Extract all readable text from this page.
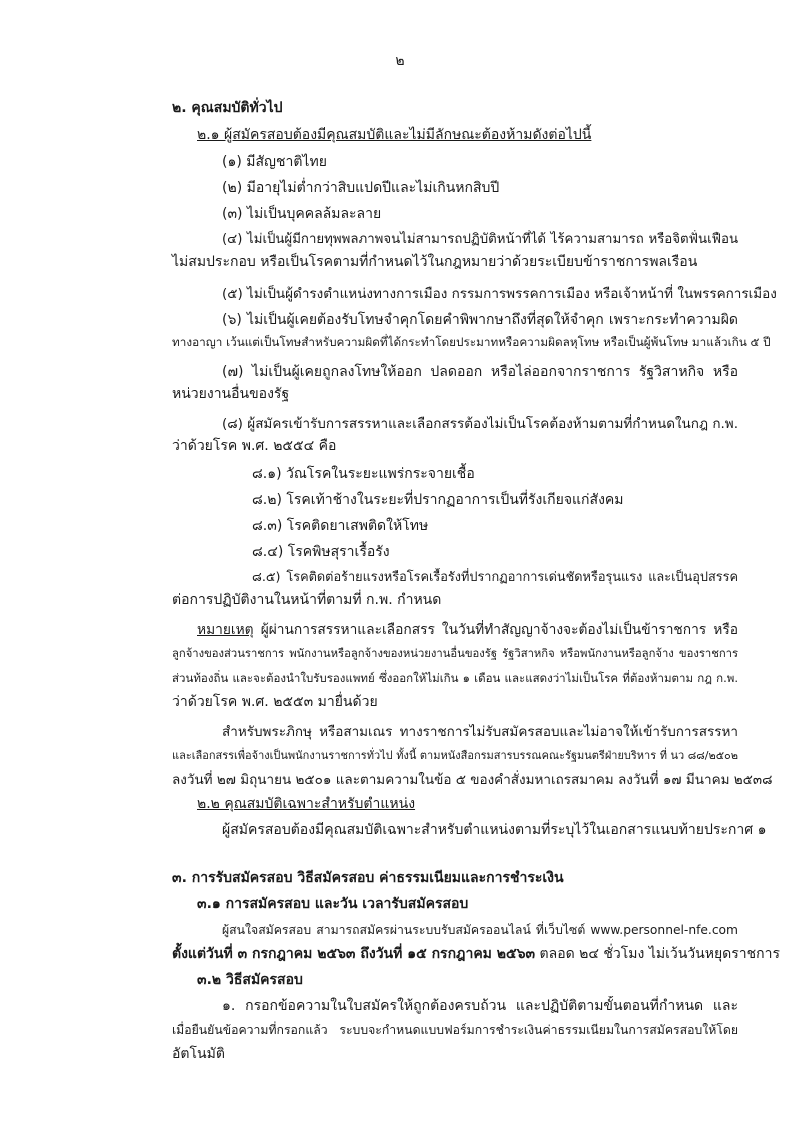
๒
๒. คุณสมบัติทั่วไป
๒.๑ ผู้สมัครสอบต้องมีคุณสมบัติและไม่มีลักษณะต้องห้ามดังต่อไปนี้
(๑) มีสัญชาติไทย
(๒) มีอายุไม่ต่ำกว่าสิบแปดปีและไม่เกินหกสิบปี
(๓) ไม่เป็นบุคคลล้มละลาย
(๔) ไม่เป็นผู้มีกายทุพพลภาพจนไม่สามารถปฏิบัติหน้าที่ได้ ไร้ความสามารถ หรือจิตฟั่นเฟือน
ไม่สมประกอบ หรือเป็นโรคตามที่กำหนดไว้ในกฎหมายว่าด้วยระเบียบข้าราชการพลเรือน
(๕) ไม่เป็นผู้ดำรงตำแหน่งทางการเมือง กรรมการพรรคการเมือง หรือเจ้าหน้าที่ ในพรรคการเมือง
(๖) ไม่เป็นผู้เคยต้องรับโทษจำคุกโดยคำพิพากษาถึงที่สุดให้จำคุก เพราะกระทำความผิด
ทางอาญา เว้นแต่เป็นโทษสำหรับความผิดที่ได้กระทำโดยประมาทหรือความผิดลหุโทษ หรือเป็นผู้พ้นโทษ มาแล้วเกิน ๕ ปี
(๗) ไม่เป็นผู้เคยถูกลงโทษให้ออก ปลดออก หรือไล่ออกจากราชการ รัฐวิสาหกิจ หรือ
หน่วยงานอื่นของรัฐ
(๘) ผู้สมัครเข้ารับการสรรหาและเลือกสรรต้องไม่เป็นโรคต้องห้ามตามที่กำหนดในกฎ ก.พ.
ว่าด้วยโรค พ.ศ. ๒๕๕๔ คือ
๘.๑) วัณโรคในระยะแพร่กระจายเชื้อ
๘.๒) โรคเท้าช้างในระยะที่ปรากฏอาการเป็นที่รังเกียจแก่สังคม
๘.๓) โรคติดยาเสพติดให้โทษ
๘.๔) โรคพิษสุราเรื้อรัง
๘.๕) โรคติดต่อร้ายแรงหรือโรคเรื้อรังที่ปรากฏอาการเด่นชัดหรือรุนแรง และเป็นอุปสรรค
ต่อการปฏิบัติงานในหน้าที่ตามที่ ก.พ. กำหนด
หมายเหตุ ผู้ผ่านการสรรหาและเลือกสรร ในวันที่ทำสัญญาจ้างจะต้องไม่เป็นข้าราชการ หรือ
ลูกจ้างของส่วนราชการ พนักงานหรือลูกจ้างของหน่วยงานอื่นของรัฐ รัฐวิสาหกิจ หรือพนักงานหรือลูกจ้าง ของราชการ
ส่วนท้องถิ่น และจะต้องนำใบรับรองแพทย์ ซึ่งออกให้ไม่เกิน ๑ เดือน และแสดงว่าไม่เป็นโรค ที่ต้องห้ามตาม กฎ ก.พ.
ว่าด้วยโรค พ.ศ. ๒๕๕๓ มายื่นด้วย
สำหรับพระภิกษุ หรือสามเณร ทางราชการไม่รับสมัครสอบและไม่อาจให้เข้ารับการสรรหา
และเลือกสรรเพื่อจ้างเป็นพนักงานราชการทั่วไป ทั้งนี้ ตามหนังสือกรมสารบรรณคณะรัฐมนตรีฝ่ายบริหาร ที่ นว ๘๘/๒๕๐๒
ลงวันที่ ๒๗ มิถุนายน ๒๕๐๑ และตามความในข้อ ๕ ของคำสั่งมหาเถรสมาคม ลงวันที่ ๑๗ มีนาคม ๒๕๓๘
๒.๒ คุณสมบัติเฉพาะสำหรับตำแหน่ง
ผู้สมัครสอบต้องมีคุณสมบัติเฉพาะสำหรับตำแหน่งตามที่ระบุไว้ในเอกสารแนบท้ายประกาศ ๑
๓. การรับสมัครสอบ วิธีสมัครสอบ ค่าธรรมเนียมและการชำระเงิน
๓.๑ การสมัครสอบ และวัน เวลารับสมัครสอบ
ผู้สนใจสมัครสอบ สามารถสมัครผ่านระบบรับสมัครออนไลน์ ที่เว็บไซต์ www.personnel-nfe.com
ตั้งแต่วันที่ ๓ กรกฎาคม ๒๕๖๓ ถึงวันที่ ๑๕ กรกฎาคม ๒๕๖๓ ตลอด ๒๔ ชั่วโมง ไม่เว้นวันหยุดราชการ
๓.๒ วิธีสมัครสอบ
๑. กรอกข้อความในใบสมัครให้ถูกต้องครบถ้วน และปฏิบัติตามขั้นตอนที่กำหนด และ
เมื่อยืนยันข้อความที่กรอกแล้ว ระบบจะกำหนดแบบฟอร์มการชำระเงินค่าธรรมเนียมในการสมัครสอบให้โดย
อัตโนมัติ
